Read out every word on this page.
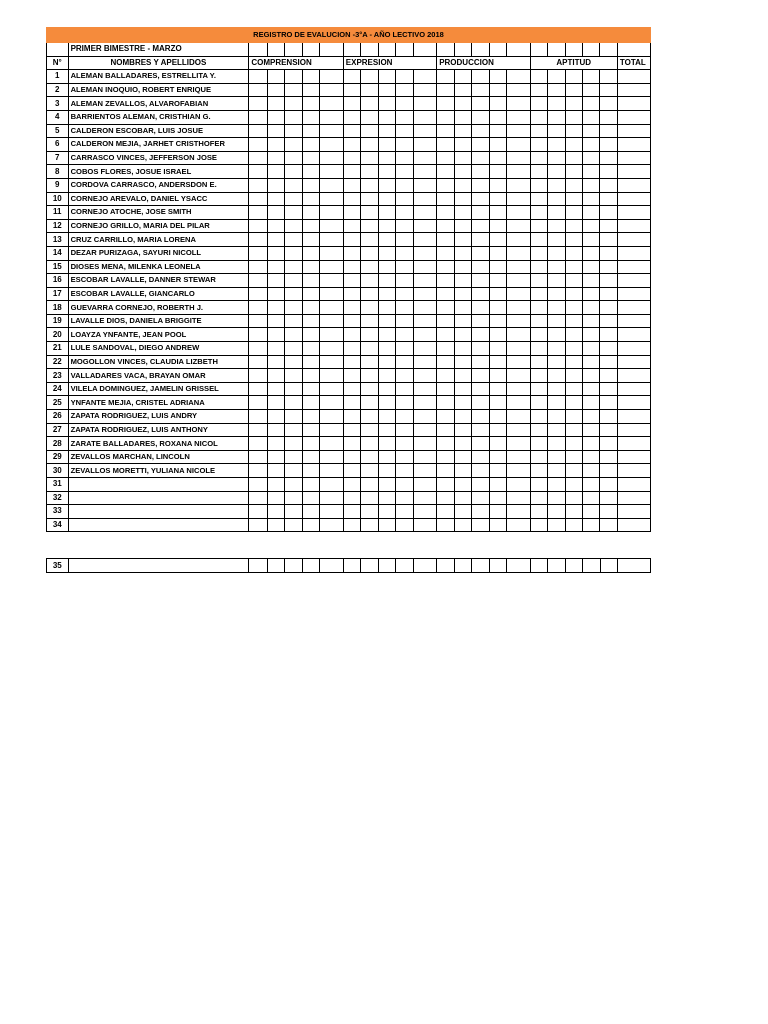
REGISTRO DE EVALUCION -3°A - AÑO LECTIVO 2018																						
	PRIMER BIMESTRE - MARZO																					
N°	NOMBRES Y APELLIDOS	COMPRENSION					EXPRESION					PRODUCCION					APTITUD					TOTAL
1	ALEMAN BALLADARES, ESTRELLITA Y.																					
2	ALEMAN INOQUIO, ROBERT ENRIQUE																					
3	ALEMAN ZEVALLOS, ALVAROFABIAN																					
4	BARRIENTOS ALEMAN, CRISTHIAN G.																					
5	CALDERON ESCOBAR, LUIS JOSUE																					
6	CALDERON MEJIA, JARHET CRISTHOFER																					
7	CARRASCO VINCES, JEFFERSON JOSE																					
8	COBOS FLORES, JOSUE ISRAEL																					
9	CORDOVA CARRASCO, ANDERSDON E.																					
10	CORNEJO AREVALO, DANIEL YSACC																					
11	CORNEJO ATOCHE, JOSE SMITH																					
12	CORNEJO GRILLO, MARIA DEL PILAR																					
13	CRUZ CARRILLO, MARIA LORENA																					
14	DEZAR PURIZAGA, SAYURI NICOLL																					
15	DIOSES MENA, MILENKA LEONELA																					
16	ESCOBAR LAVALLE, DANNER STEWAR																					
17	ESCOBAR LAVALLE, GIANCARLO																					
18	GUEVARRA CORNEJO, ROBERTH J.																					
19	LAVALLE DIOS, DANIELA BRIGGITE																					
20	LOAYZA YNFANTE, JEAN POOL																					
21	LULE SANDOVAL, DIEGO ANDREW																					
22	MOGOLLON VINCES, CLAUDIA LIZBETH																					
23	VALLADARES VACA, BRAYAN OMAR																					
24	VILELA DOMINGUEZ, JAMELIN GRISSEL																					
25	YNFANTE MEJIA, CRISTEL ADRIANA																					
26	ZAPATA RODRIGUEZ, LUIS ANDRY																					
27	ZAPATA RODRIGUEZ, LUIS ANTHONY																					
28	ZARATE BALLADARES, ROXANA NICOL																					
29	ZEVALLOS MARCHAN, LINCOLN																					
30	ZEVALLOS MORETTI, YULIANA NICOLE																					
31																						
32																						
33																						
34																						
35																						
